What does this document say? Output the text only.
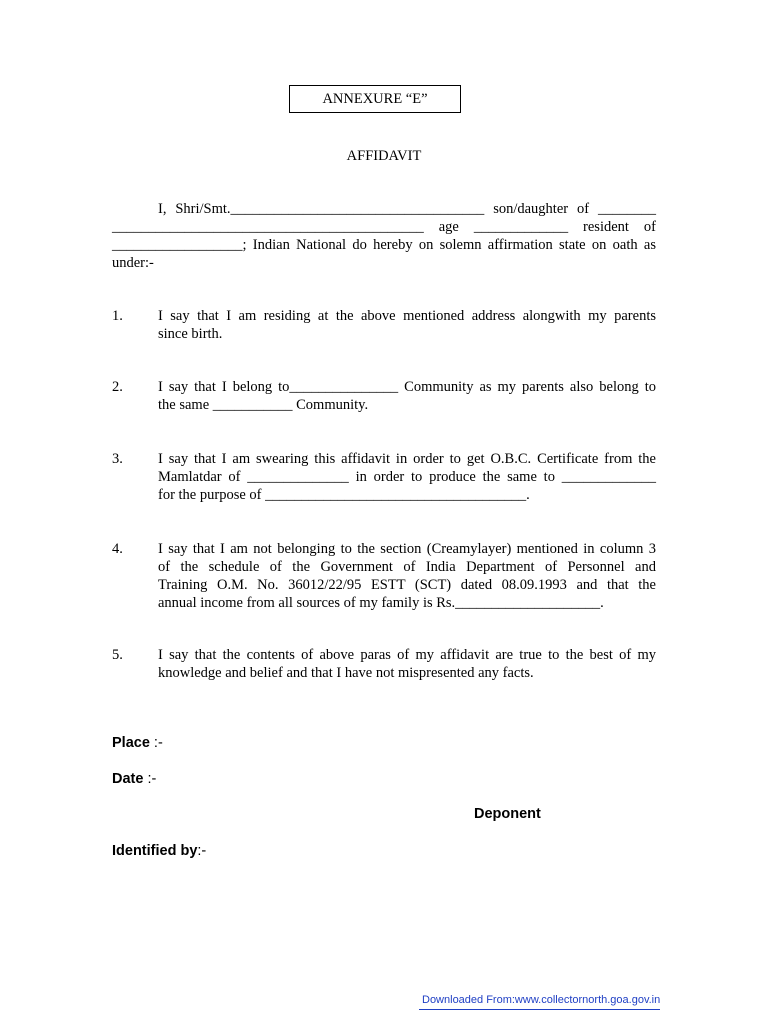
ANNEXURE “E”
AFFIDAVIT
I, Shri/Smt.___________________________________ son/daughter of ________
___________________________________________ age _____________ resident of
__________________; Indian National do hereby on solemn affirmation state on oath as
under:-
1. I say that I am residing at the above mentioned address alongwith my parents
since birth.
2. I say that I belong to_______________ Community as my parents also belong to
the same ___________ Community.
3. I say that I am swearing this affidavit in order to get O.B.C. Certificate from the
Mamlatdar of ______________ in order to produce the same to _____________
for the purpose of ____________________________________.
4. I say that I am not belonging to the section (Creamylayer) mentioned in column 3
of the schedule of the Government of India Department of Personnel and
Training O.M. No. 36012/22/95 ESTT (SCT) dated 08.09.1993 and that the
annual income from all sources of my family is Rs.____________________.
5. I say that the contents of above paras of my affidavit are true to the best of my
knowledge and belief and that I have not mispresented any facts.
Place :-
Date :-
Deponent
Identified by:-
Downloaded From:www.collectornorth.goa.gov.in
